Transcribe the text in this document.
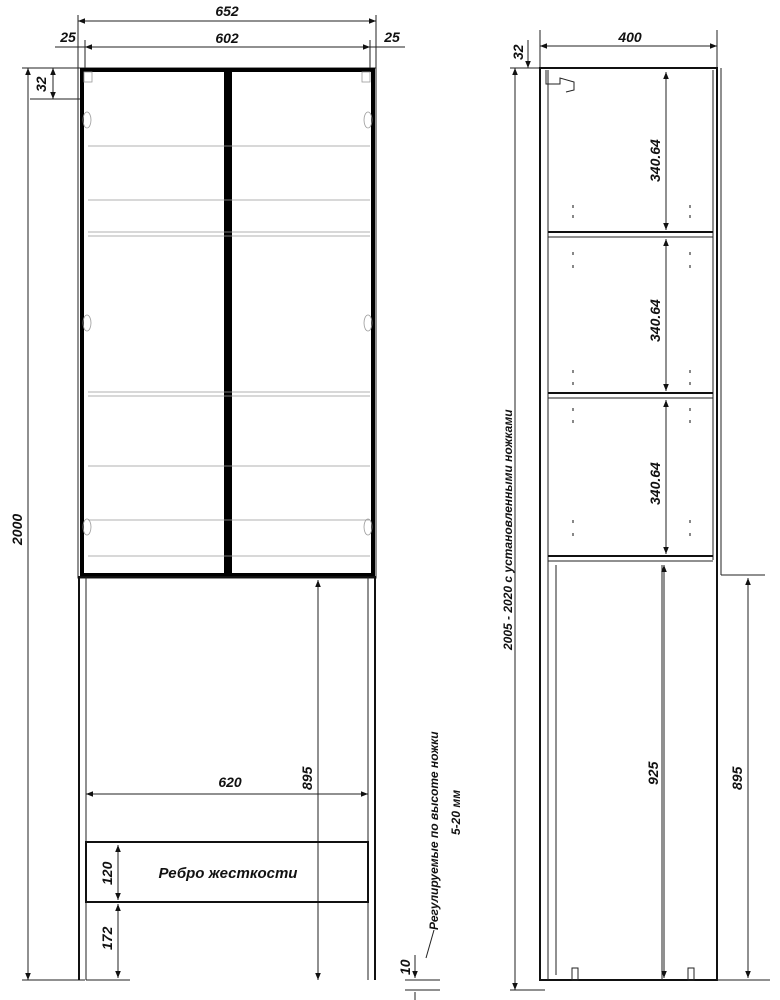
652
602
25	25
32
2000
620	895
Ребро жесткости
120
172
Регулируемые по высоте ножки 5-20 мм
10
400
32
2005 - 2020 с установленными ножками
340.64
340.64
340.64
925	895
